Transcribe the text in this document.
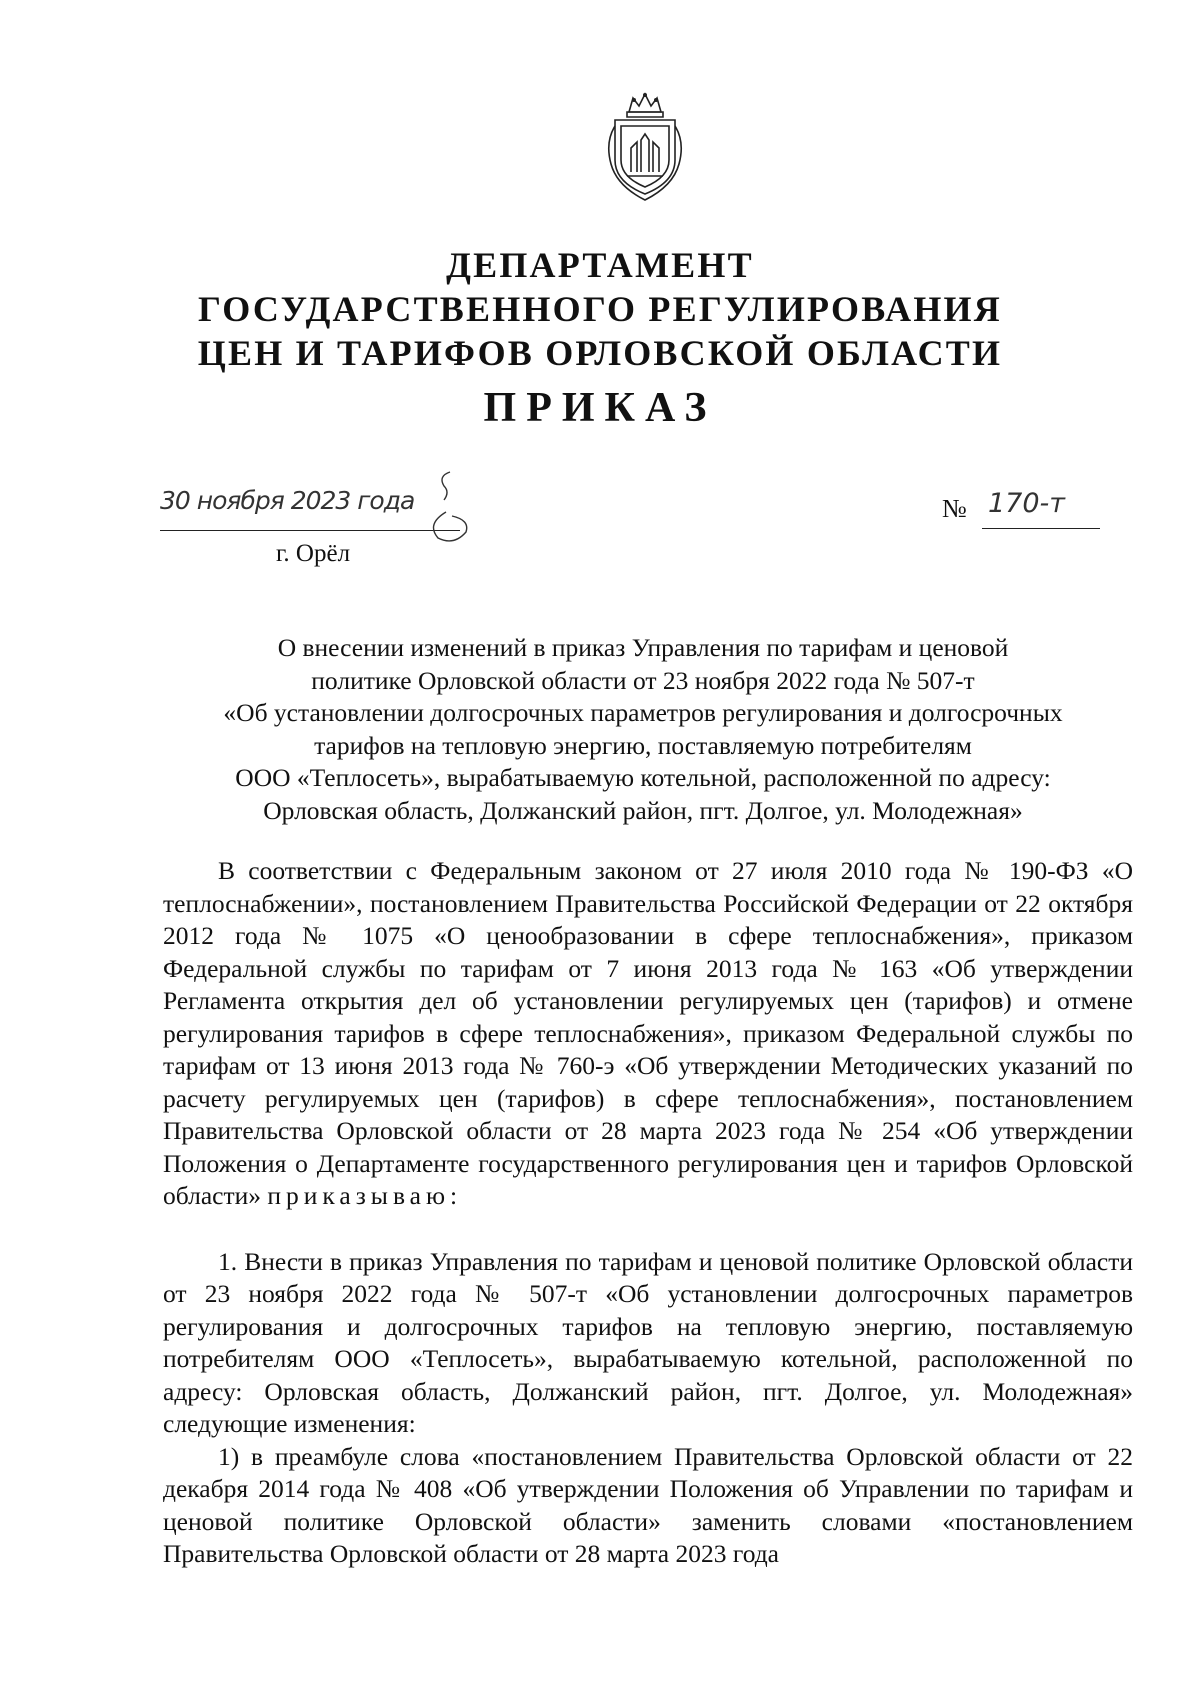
ДЕПАРТАМЕНТ
ГОСУДАРСТВЕННОГО РЕГУЛИРОВАНИЯ
ЦЕН И ТАРИФОВ ОРЛОВСКОЙ ОБЛАСТИ
ПРИКАЗ
30 ноября 2023 года
г. Орёл
№ 170-т
О внесении изменений в приказ Управления по тарифам и ценовой
политике Орловской области от 23 ноября 2022 года № 507-т
«Об установлении долгосрочных параметров регулирования и долгосрочных
тарифов на тепловую энергию, поставляемую потребителям
ООО «Теплосеть», вырабатываемую котельной, расположенной по адресу:
Орловская область, Должанский район, пгт. Долгое, ул. Молодежная»

В соответствии с Федеральным законом от 27 июля 2010 года № 190-ФЗ «О теплоснабжении», постановлением Правительства Российской Федерации от 22 октября 2012 года № 1075 «О ценообразовании в сфере теплоснабжения», приказом Федеральной службы по тарифам от 7 июня 2013 года № 163 «Об утверждении Регламента открытия дел об установлении регулируемых цен (тарифов) и отмене регулирования тарифов в сфере теплоснабжения», приказом Федеральной службы по тарифам от 13 июня 2013 года № 760-э «Об утверждении Методических указаний по расчету регулируемых цен (тарифов) в сфере теплоснабжения», постановлением Правительства Орловской области от 28 марта 2023 года № 254 «Об утверждении Положения о Департаменте государственного регулирования цен и тарифов Орловской области» приказываю:

1. Внести в приказ Управления по тарифам и ценовой политике Орловской области от 23 ноября 2022 года № 507-т «Об установлении долгосрочных параметров регулирования и долгосрочных тарифов на тепловую энергию, поставляемую потребителям ООО «Теплосеть», вырабатываемую котельной, расположенной по адресу: Орловская область, Должанский район, пгт. Долгое, ул. Молодежная» следующие изменения:

1) в преамбуле слова «постановлением Правительства Орловской области от 22 декабря 2014 года № 408 «Об утверждении Положения об Управлении по тарифам и ценовой политике Орловской области» заменить словами «постановлением Правительства Орловской области от 28 марта 2023 года
